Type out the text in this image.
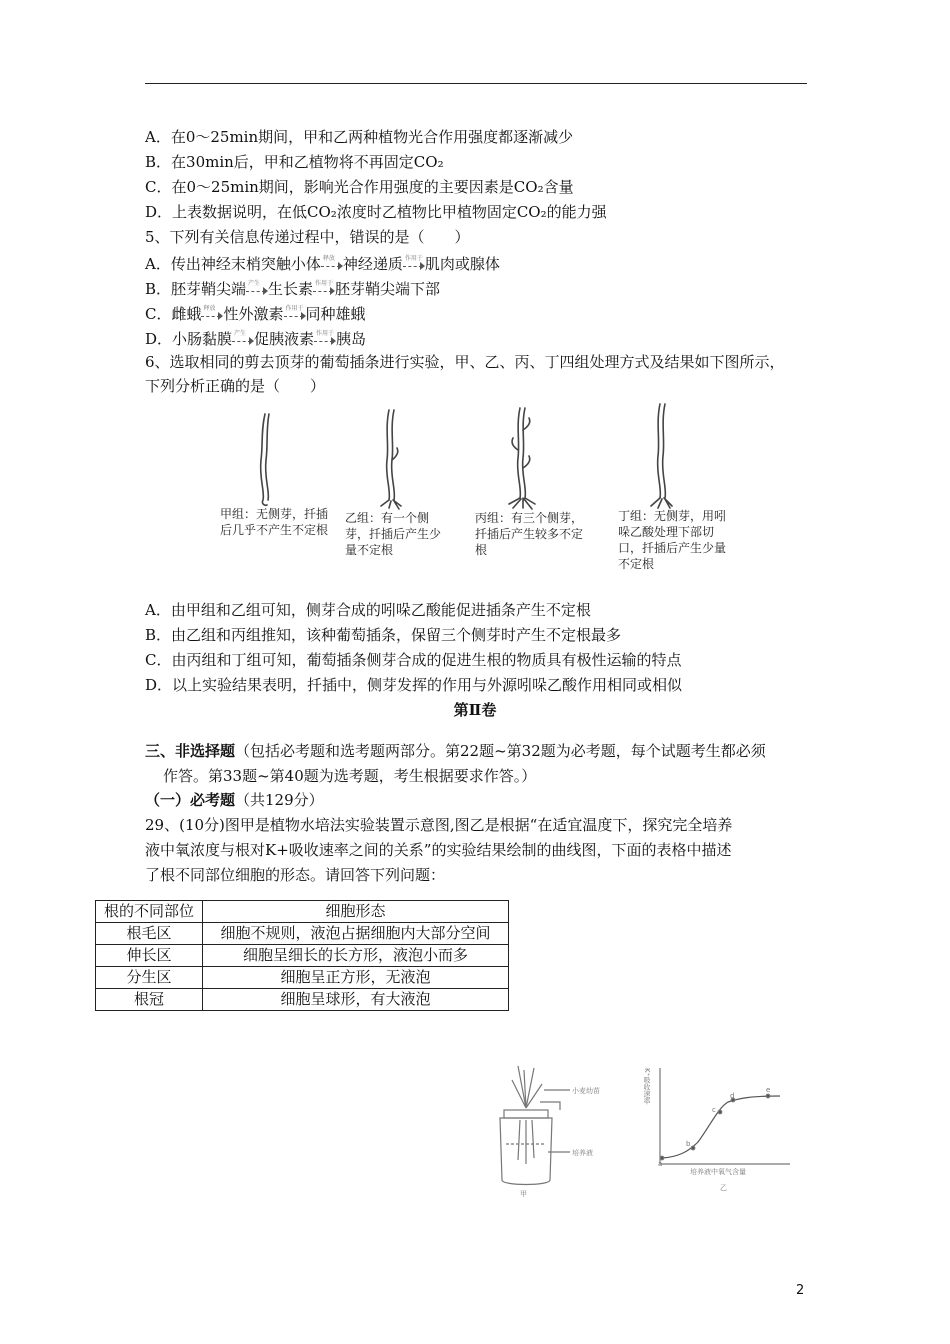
A．在0～25min期间，甲和乙两种植物光合作用强度都逐渐减少
B．在30min后，甲和乙植物将不再固定CO₂
C．在0～25min期间，影响光合作用强度的主要因素是CO₂含量
D．上表数据说明，在低CO₂浓度时乙植物比甲植物固定CO₂的能力强
5、下列有关信息传递过程中，错误的是（　　）
A．传出神经末梢突触小体 释放 神经递质 作用于 肌肉或腺体
B．胚芽鞘尖端 产生 生长素 作用于 胚芽鞘尖端下部
C．雌蛾 释放 性外激素 作用于 同种雄蛾
D．小肠黏膜 产生 促胰液素 作用于 胰岛
6、选取相同的剪去顶芽的葡萄插条进行实验，甲、乙、丙、丁四组处理方式及结果如下图所示，
下列分析正确的是（　　）
甲组：无侧芽，扦插后几乎不产生不定根
乙组：有一个侧芽，扦插后产生少量不定根
丙组：有三个侧芽，扦插后产生较多不定根
丁组：无侧芽，用吲哚乙酸处理下部切口，扦插后产生少量不定根
A．由甲组和乙组可知，侧芽合成的吲哚乙酸能促进插条产生不定根
B．由乙组和丙组推知，该种葡萄插条，保留三个侧芽时产生不定根最多
C．由丙组和丁组可知，葡萄插条侧芽合成的促进生根的物质具有极性运输的特点
D．以上实验结果表明，扦插中，侧芽发挥的作用与外源吲哚乙酸作用相同或相似
第Ⅱ卷
三、非选择题（包括必考题和选考题两部分。第22题~第32题为必考题，每个试题考生都必须
作答。第33题~第40题为选考题，考生根据要求作答。）
（一）必考题（共129分）
29、(10分)图甲是植物水培法实验装置示意图,图乙是根据“在适宜温度下，探究完全培养
液中氧浓度与根对K+吸收速率之间的关系”的实验结果绘制的曲线图，下面的表格中描述
了根不同部位细胞的形态。请回答下列问题：
根的不同部位	细胞形态
根毛区	细胞不规则，液泡占据细胞内大部分空间
伸长区	细胞呈细长的长方形，液泡小而多
分生区	细胞呈正方形，无液泡
根冠	细胞呈球形，有大液泡
小麦幼苗
培养液
甲
K⁺吸收速率
培养液中氧气含量
乙
a
b
c
d
e
2
